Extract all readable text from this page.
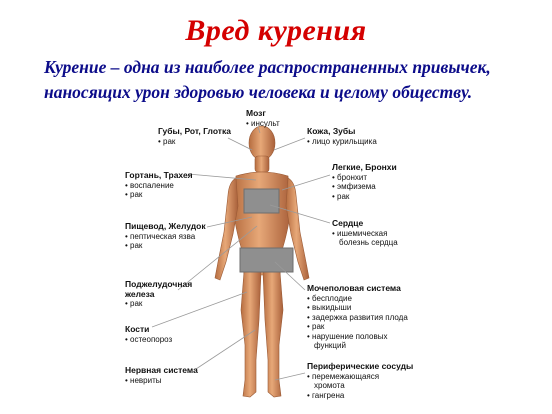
Вред курения
Курение – одна из наиболее распространенных привычек,
наносящих урон здоровью человека и целому обществу.
Мозг
• инсульт
Губы, Рот, Глотка
• рак
Кожа, Зубы
• лицо курильщика
Гортань, Трахея
• воспаление
• рак
Легкие, Бронхи
• бронхит
• эмфизема
• рак
Пищевод, Желудок
• пептическая язва
• рак
Сердце
• ишемическая
болезнь сердца
Поджелудочная
железа
• рак
Мочеполовая система
• бесплодие
• выкидыши
• задержка развития плода
• рак
• нарушение половых
функций
Кости
• остеопороз
Нервная система
• невриты
Периферические сосуды
• перемежающаяся
хромота
• гангрена
